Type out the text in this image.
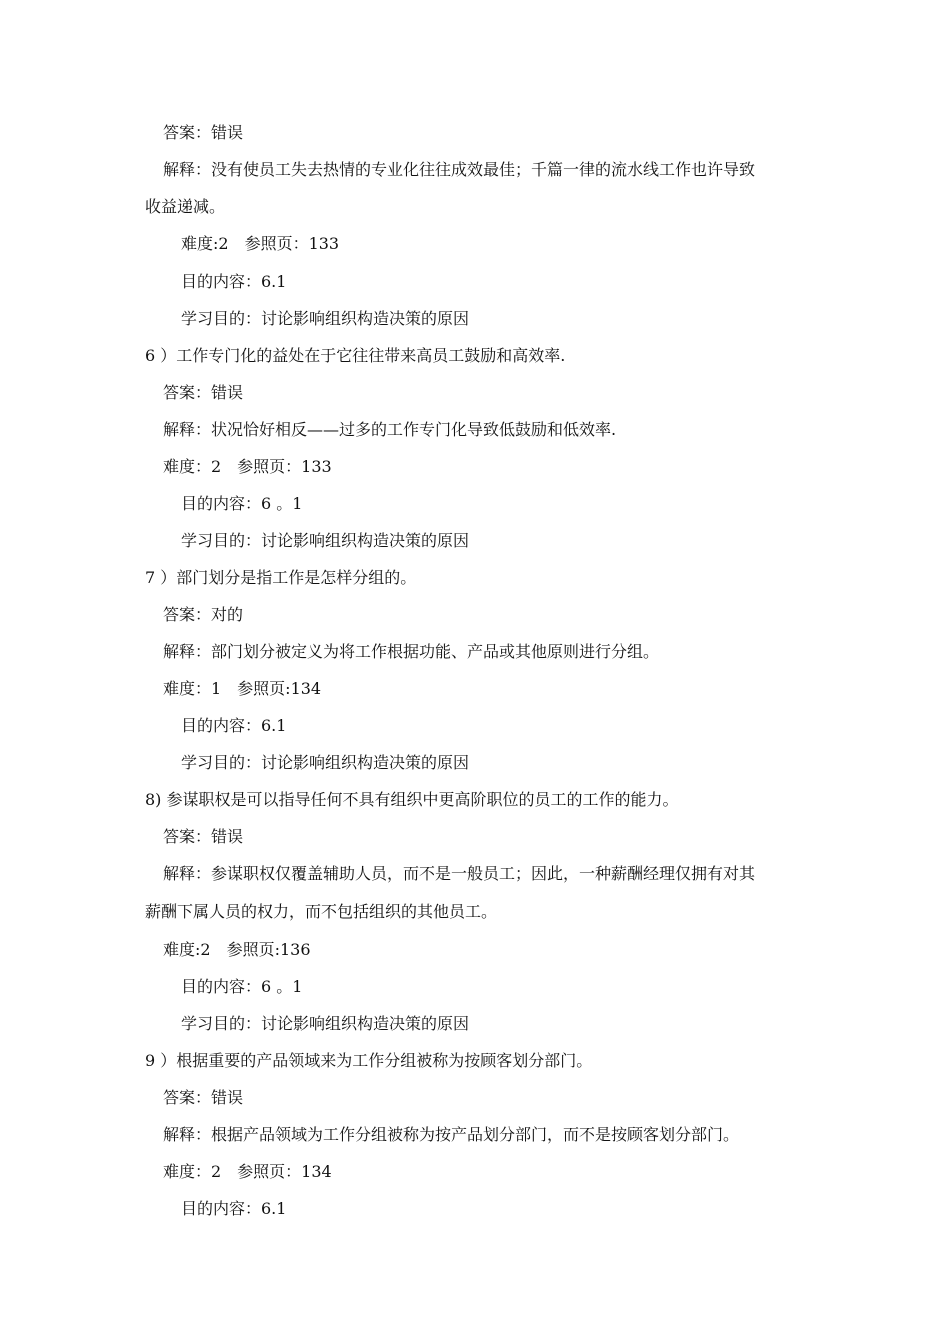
答案：错误
解释：没有使员工失去热情的专业化往往成效最佳；千篇一律的流水线工作也许导致
收益递减。
难度:2　参照页：133
目的内容：6.1
学习目的：讨论影响组织构造决策的原因
6 ）工作专门化的益处在于它往往带来高员工鼓励和高效率.
答案：错误
解释：状况恰好相反——过多的工作专门化导致低鼓励和低效率.
难度：2　参照页：133
目的内容：6 。1
学习目的：讨论影响组织构造决策的原因
7 ）部门划分是指工作是怎样分组的。
答案：对的
解释：部门划分被定义为将工作根据功能、产品或其他原则进行分组。
难度：1　参照页:134
目的内容：6.1
学习目的：讨论影响组织构造决策的原因
8) 参谋职权是可以指导任何不具有组织中更高阶职位的员工的工作的能力。
答案：错误
解释：参谋职权仅覆盖辅助人员，而不是一般员工；因此，一种薪酬经理仅拥有对其
薪酬下属人员的权力，而不包括组织的其他员工。
难度:2　参照页:136
目的内容：6 。1
学习目的：讨论影响组织构造决策的原因
9 ）根据重要的产品领域来为工作分组被称为按顾客划分部门。
答案：错误
解释：根据产品领域为工作分组被称为按产品划分部门，而不是按顾客划分部门。
难度：2　参照页：134
目的内容：6.1
